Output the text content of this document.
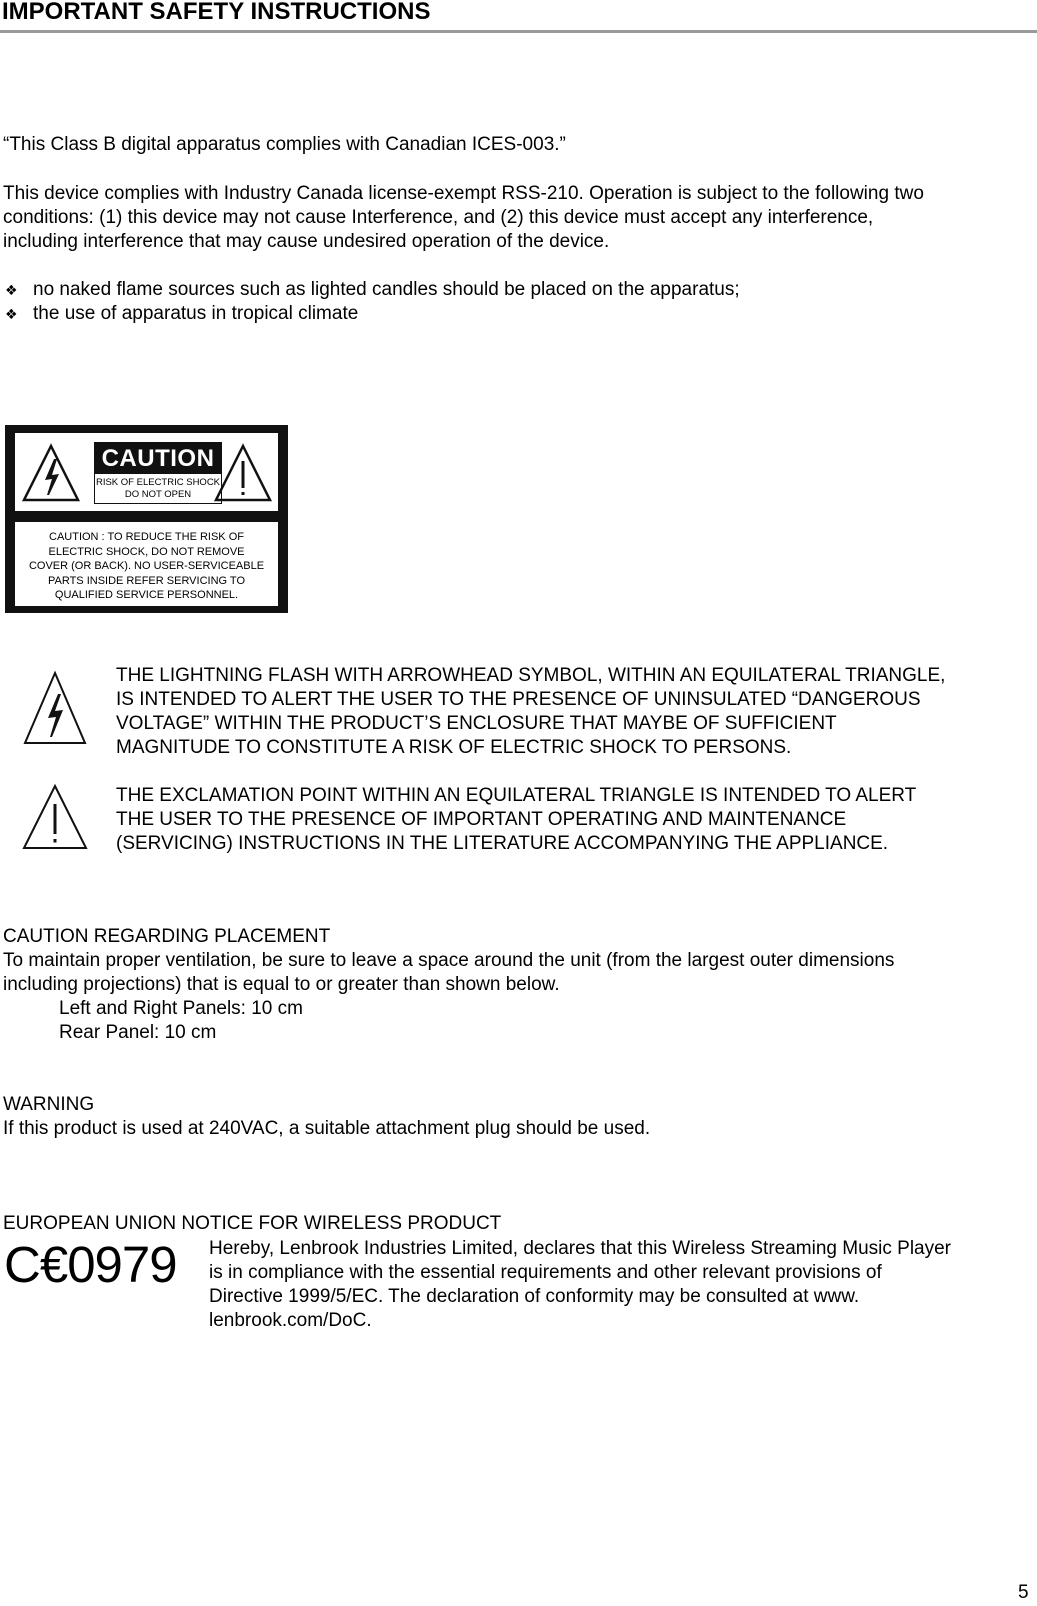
IMPORTANT SAFETY INSTRUCTIONS
“This Class B digital apparatus complies with Canadian ICES-003.”
This device complies with Industry Canada license-exempt RSS-210. Operation is subject to the following two
conditions: (1) this device may not cause Interference, and (2) this device must accept any interference,
including interference that may cause undesired operation of the device.
❖ no naked flame sources such as lighted candles should be placed on the apparatus;
❖ the use of apparatus in tropical climate
CAUTION
RISK OF ELECTRIC SHOCK
DO NOT OPEN
CAUTION : TO REDUCE THE RISK OF
ELECTRIC SHOCK, DO NOT REMOVE
COVER (OR BACK). NO USER-SERVICEABLE
PARTS INSIDE REFER SERVICING TO
QUALIFIED SERVICE PERSONNEL.
THE LIGHTNING FLASH WITH ARROWHEAD SYMBOL, WITHIN AN EQUILATERAL TRIANGLE,
IS INTENDED TO ALERT THE USER TO THE PRESENCE OF UNINSULATED “DANGEROUS
VOLTAGE” WITHIN THE PRODUCT’S ENCLOSURE THAT MAYBE OF SUFFICIENT
MAGNITUDE TO CONSTITUTE A RISK OF ELECTRIC SHOCK TO PERSONS.
THE EXCLAMATION POINT WITHIN AN EQUILATERAL TRIANGLE IS INTENDED TO ALERT
THE USER TO THE PRESENCE OF IMPORTANT OPERATING AND MAINTENANCE
(SERVICING) INSTRUCTIONS IN THE LITERATURE ACCOMPANYING THE APPLIANCE.
CAUTION REGARDING PLACEMENT
To maintain proper ventilation, be sure to leave a space around the unit (from the largest outer dimensions
including projections) that is equal to or greater than shown below.
Left and Right Panels: 10 cm
Rear Panel: 10 cm
WARNING
If this product is used at 240VAC, a suitable attachment plug should be used.
EUROPEAN UNION NOTICE FOR WIRELESS PRODUCT
C€0979 Hereby, Lenbrook Industries Limited, declares that this Wireless Streaming Music Player
is in compliance with the essential requirements and other relevant provisions of
Directive 1999/5/EC. The declaration of conformity may be consulted at www.
lenbrook.com/DoC.
5
